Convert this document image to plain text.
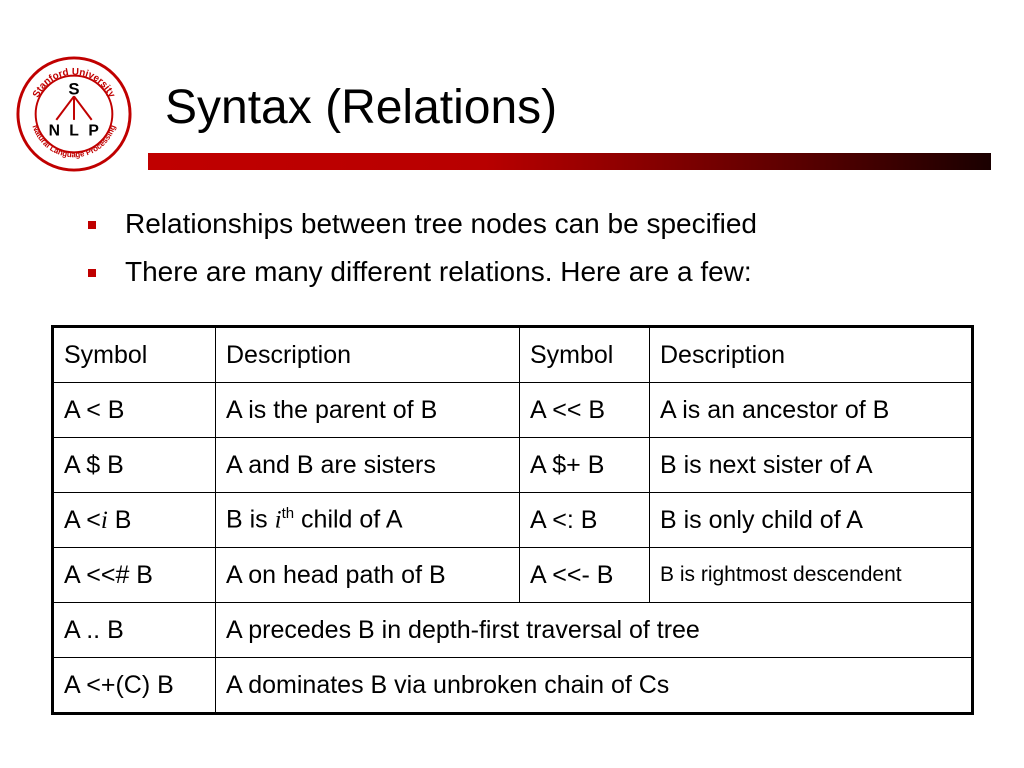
Stanford University
Natural Language Processing
S
N L P Syntax (Relations)
Relationships between tree nodes can be specified
There are many different relations. Here are a few:
Symbol	Description	Symbol	Description
A < B	A is the parent of B	A << B	A is an ancestor of B
A $ B	A and B are sisters	A $+ B	B is next sister of A
A <i B	B is $i^{th}$ child of A	A <: B	B is only child of A
A <<# B	A on head path of B	A <<- B	B is rightmost descendent
A .. B	A precedes B in depth-first traversal of tree		
A <+(C) B	A dominates B via unbroken chain of Cs		
